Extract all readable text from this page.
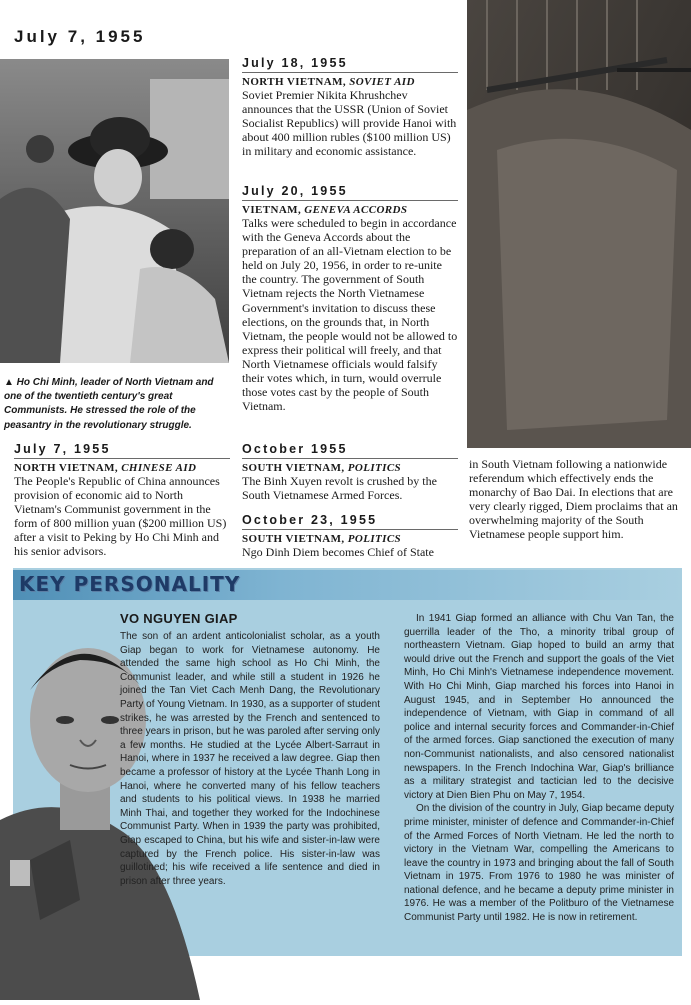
July 7, 1955
▲ Ho Chi Minh, leader of North Vietnam and one of the twentieth century's great Communists. He stressed the role of the peasantry in the revolutionary struggle.
July 18, 1955
NORTH VIETNAM, SOVIET AID
Soviet Premier Nikita Khrushchev announces that the USSR (Union of Soviet Socialist Republics) will provide Hanoi with about 400 million rubles ($100 million US) in military and economic assistance.
July 20, 1955
VIETNAM, GENEVA ACCORDS
Talks were scheduled to begin in accordance with the Geneva Accords about the preparation of an all-Vietnam election to be held on July 20, 1956, in order to re-unite the country. The government of South Vietnam rejects the North Vietnamese Government's invitation to discuss these elections, on the grounds that, in North Vietnam, the people would not be allowed to express their political will freely, and that North Vietnamese officials would falsify their votes which, in turn, would overrule those votes cast by the people of South Vietnam.
July 7, 1955
NORTH VIETNAM, CHINESE AID
The People's Republic of China announces provision of economic aid to North Vietnam's Communist government in the form of 800 million yuan ($200 million US) after a visit to Peking by Ho Chi Minh and his senior advisors.
October 1955
SOUTH VIETNAM, POLITICS
The Binh Xuyen revolt is crushed by the South Vietnamese Armed Forces.
October 23, 1955
SOUTH VIETNAM, POLITICS
Ngo Dinh Diem becomes Chief of State
in South Vietnam following a nationwide referendum which effectively ends the monarchy of Bao Dai. In elections that are very clearly rigged, Diem proclaims that an overwhelming majority of the South Vietnamese people support him.
KEY PERSONALITY
VO NGUYEN GIAP
The son of an ardent anticolonialist scholar, as a youth Giap began to work for Vietnamese autonomy. He attended the same high school as Ho Chi Minh, the Communist leader, and while still a student in 1926 he joined the Tan Viet Cach Menh Dang, the Revolutionary Party of Young Vietnam. In 1930, as a supporter of student strikes, he was arrested by the French and sentenced to three years in prison, but he was paroled after serving only a few months. He studied at the Lycée Albert-Sarraut in Hanoi, where in 1937 he received a law degree. Giap then became a professor of history at the Lycée Thanh Long in Hanoi, where he converted many of his fellow teachers and students to his political views. In 1938 he married Minh Thai, and together they worked for the Indochinese Communist Party. When in 1939 the party was prohibited, Giap escaped to China, but his wife and sister-in-law were captured by the French police. His sister-in-law was guillotined; his wife received a life sentence and died in prison after three years.
In 1941 Giap formed an alliance with Chu Van Tan, the guerrilla leader of the Tho, a minority tribal group of northeastern Vietnam. Giap hoped to build an army that would drive out the French and support the goals of the Viet Minh, Ho Chi Minh's Vietnamese independence movement. With Ho Chi Minh, Giap marched his forces into Hanoi in August 1945, and in September Ho announced the independence of Vietnam, with Giap in command of all police and internal security forces and Commander-in-Chief of the armed forces. Giap sanctioned the execution of many non-Communist nationalists, and also censored nationalist newspapers. In the French Indochina War, Giap's brilliance as a military strategist and tactician led to the decisive victory at Dien Bien Phu on May 7, 1954.
On the division of the country in July, Giap became deputy prime minister, minister of defence and Commander-in-Chief of the Armed Forces of North Vietnam. He led the north to victory in the Vietnam War, compelling the Americans to leave the country in 1973 and bringing about the fall of South Vietnam in 1975. From 1976 to 1980 he was minister of national defence, and he became a deputy prime minister in 1976. He was a member of the Politburo of the Vietnamese Communist Party until 1982. He is now in retirement.
